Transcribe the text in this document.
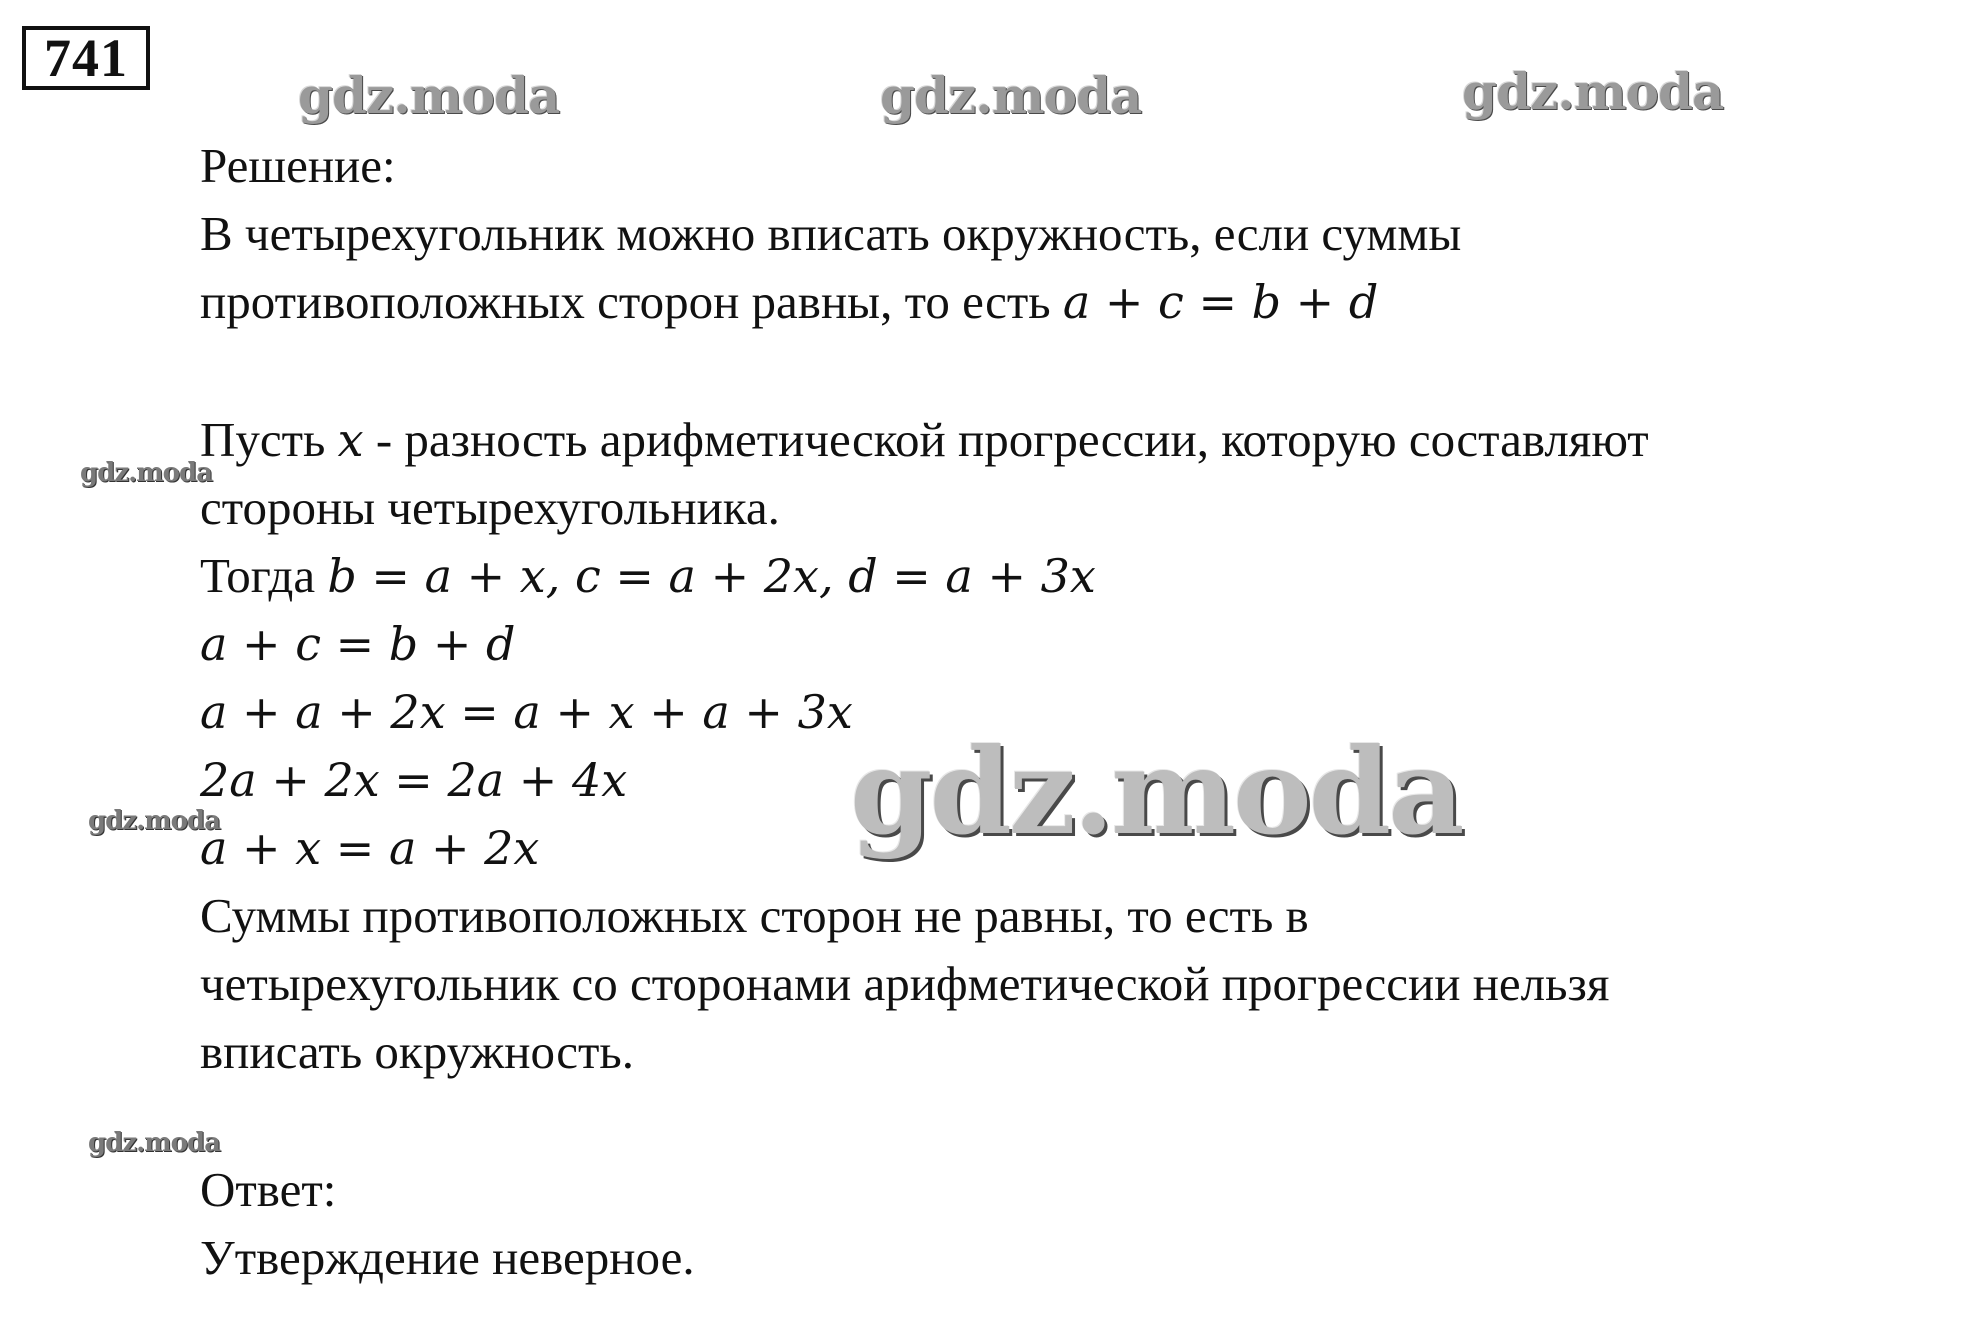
741
gdz.moda	gdz.moda	gdz.moda
gdz.moda
gdz.moda
gdz.moda
Решение:
В четырехугольник можно вписать окружность, если суммы
противоположных сторон равны, то есть a + c = b + d
Пусть x - разность арифметической прогрессии, которую составляют
стороны четырехугольника.
Тогда b = a + x, c = a + 2x, d = a + 3x
a + c = b + d
a + a + 2x = a + x + a + 3x
2a + 2x = 2a + 4x
a + x = a + 2x
Суммы противоположных сторон не равны, то есть в
четырехугольник со сторонами арифметической прогрессии нельзя
вписать окружность.
Ответ:
Утверждение неверное.
gdz.moda
